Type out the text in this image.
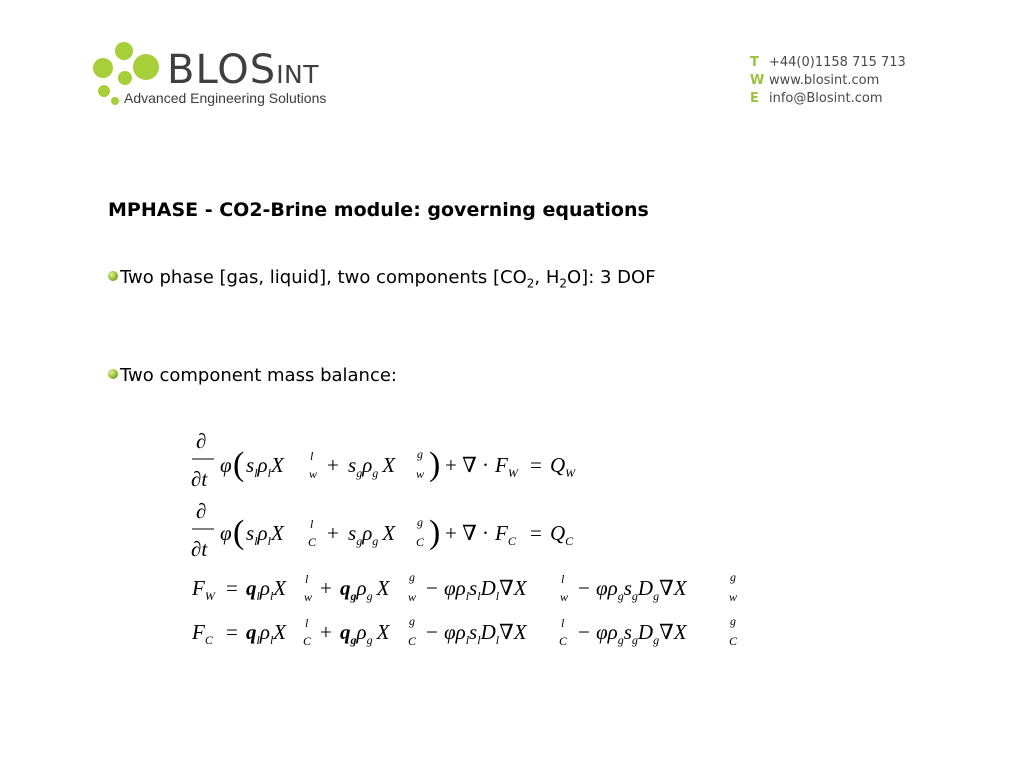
BLOSINT
Advanced Engineering Solutions
T +44(0)1158 715 713
W www.blosint.com
E info@Blosint.com
MPHASE - CO2-Brine module: governing equations
Two phase [gas, liquid], two components [$CO_2$, $H_2O$]: 3 DOF
Two component mass balance:
∂
∂t
φ ( $s_l\rho_lX$ l
$w + s_g\rho_g$ X g
w ) + ∇ · $F_W = Q_W$
∂
∂t
φ ( $s_l\rho_lX$ l
$C + s_g\rho_g$ X g
C ) + ∇ · $F_C = Q_C$
$F_W = q_l\rho_lX$ l
$w + q_g\rho_g$ X g
$w - \varphi\rho_ls_lD_l\nabla X$	l
$w - \varphi\rho_gs_gD_g\nabla X$	g
w
$F_C = q_l\rho_lX$ l
$C + q_g\rho_g$ X g
$C - \varphi\rho_ls_lD_l\nabla X$	l
$C - \varphi\rho_gs_gD_g\nabla X$	g
C
